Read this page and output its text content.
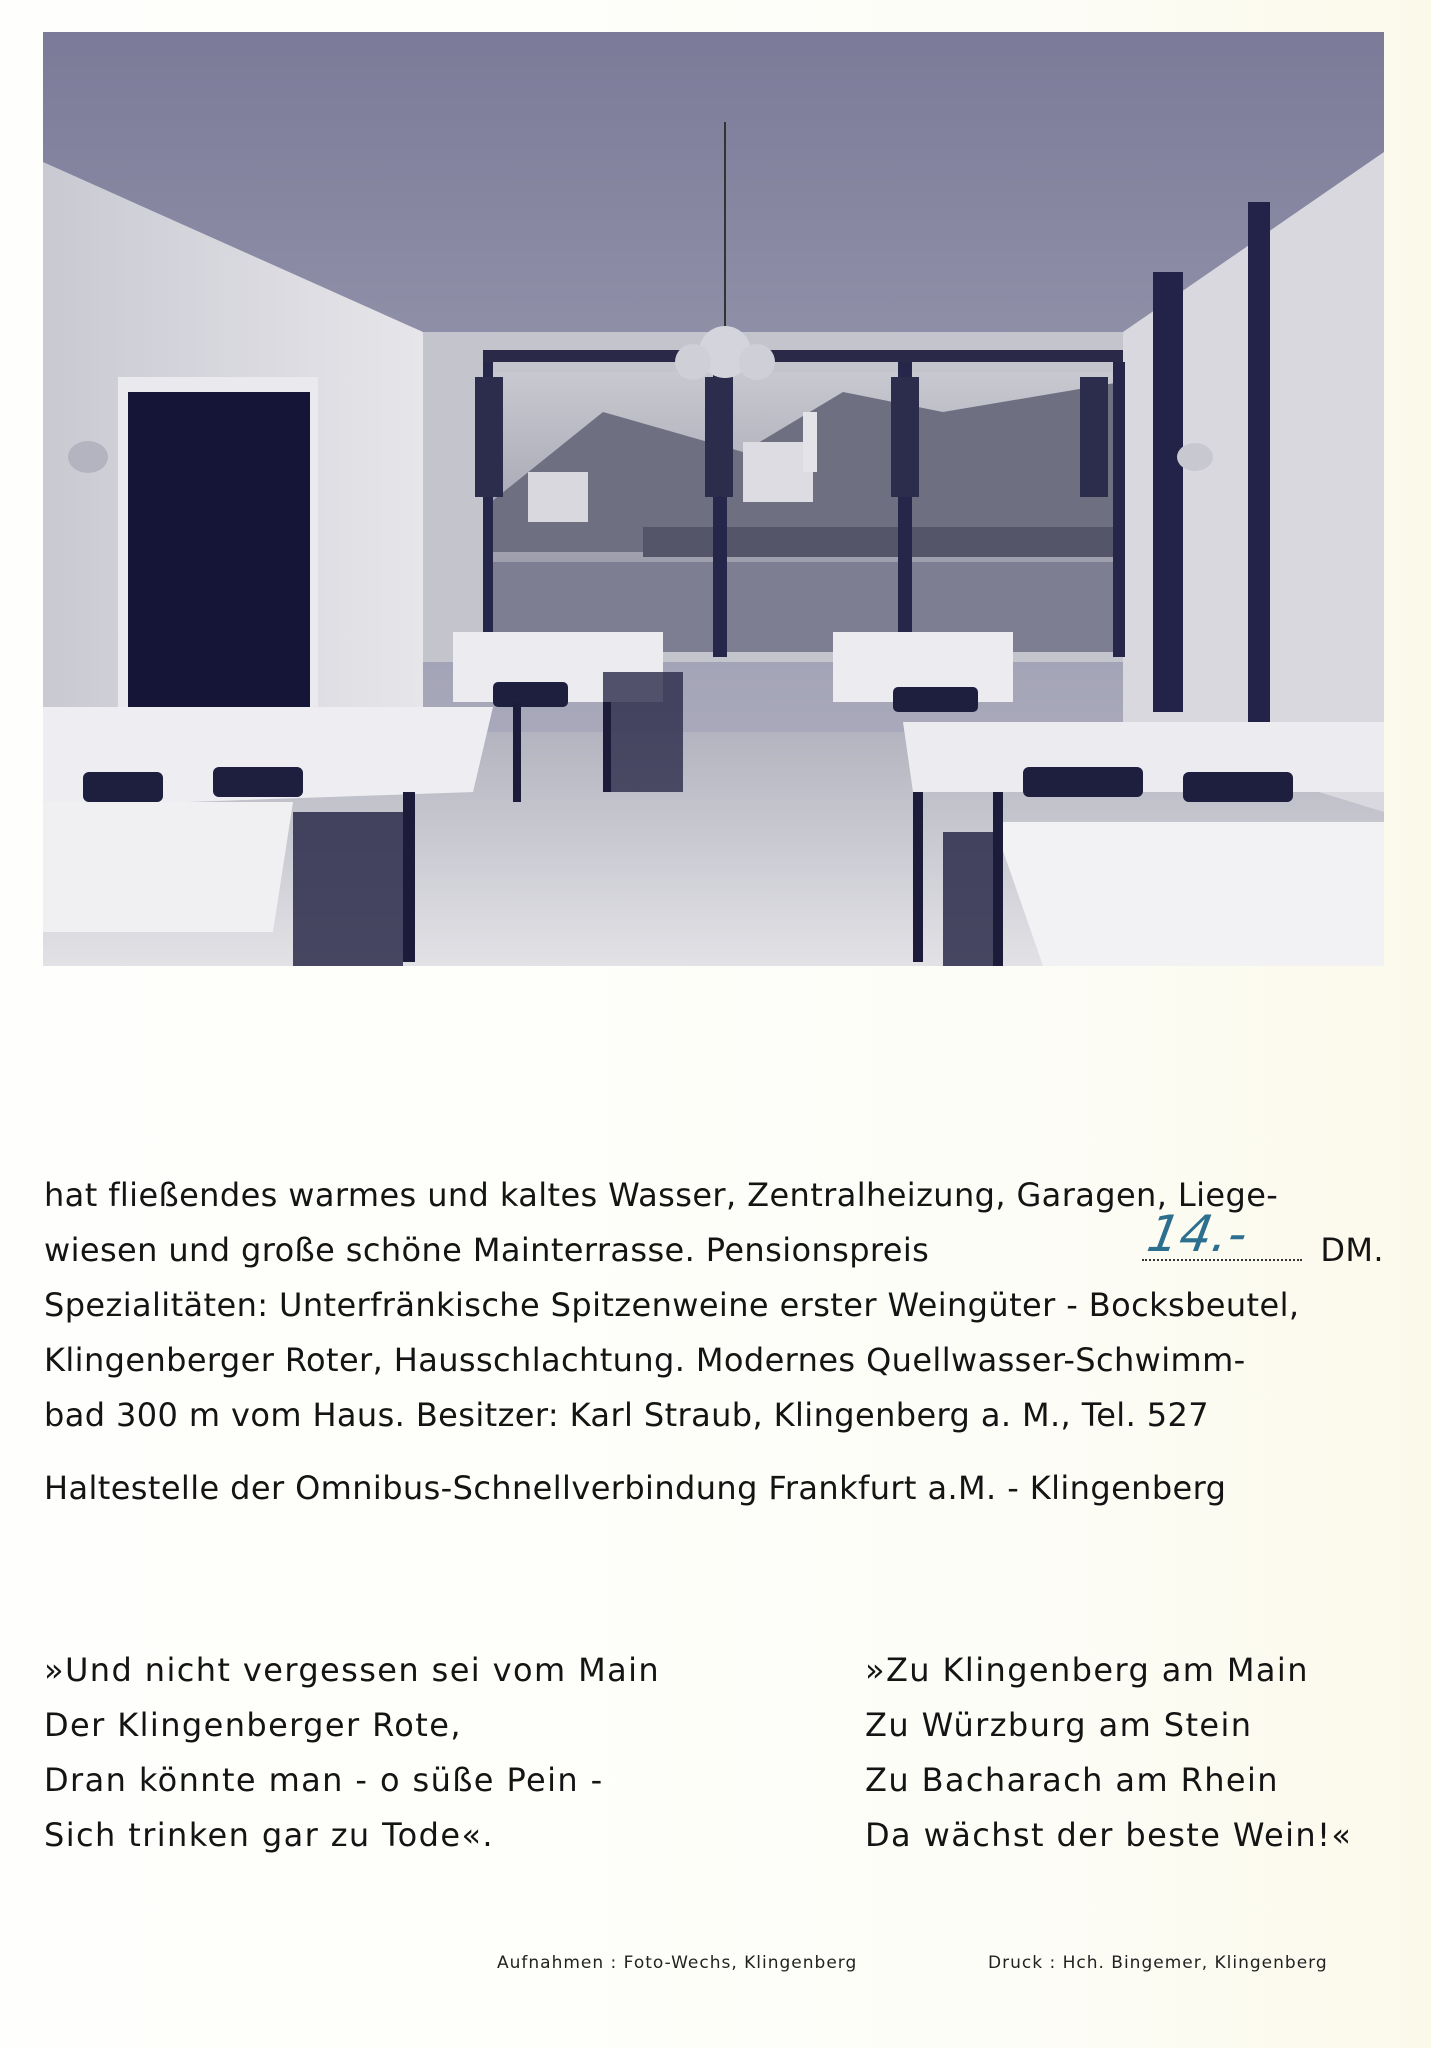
hat fließendes warmes und kaltes Wasser, Zentralheizung, Garagen, Liege-
wiesen und große schöne Mainterrasse. Pensionspreis	14.- DM.
Spezialitäten: Unterfränkische Spitzenweine erster Weingüter - Bocksbeutel,
Klingenberger Roter, Hausschlachtung. Modernes Quellwasser-Schwimm-
bad 300 m vom Haus. Besitzer: Karl Straub, Klingenberg a. M., Tel. 527
Haltestelle der Omnibus-Schnellverbindung Frankfurt a.M. - Klingenberg
»Und nicht vergessen sei vom Main
Der Klingenberger Rote,
Dran könnte man - o süße Pein -
Sich trinken gar zu Tode«.
»Zu Klingenberg am Main
Zu Würzburg am Stein
Zu Bacharach am Rhein
Da wächst der beste Wein!«
Aufnahmen : Foto-Wechs, Klingenberg	Druck : Hch. Bingemer, Klingenberg
